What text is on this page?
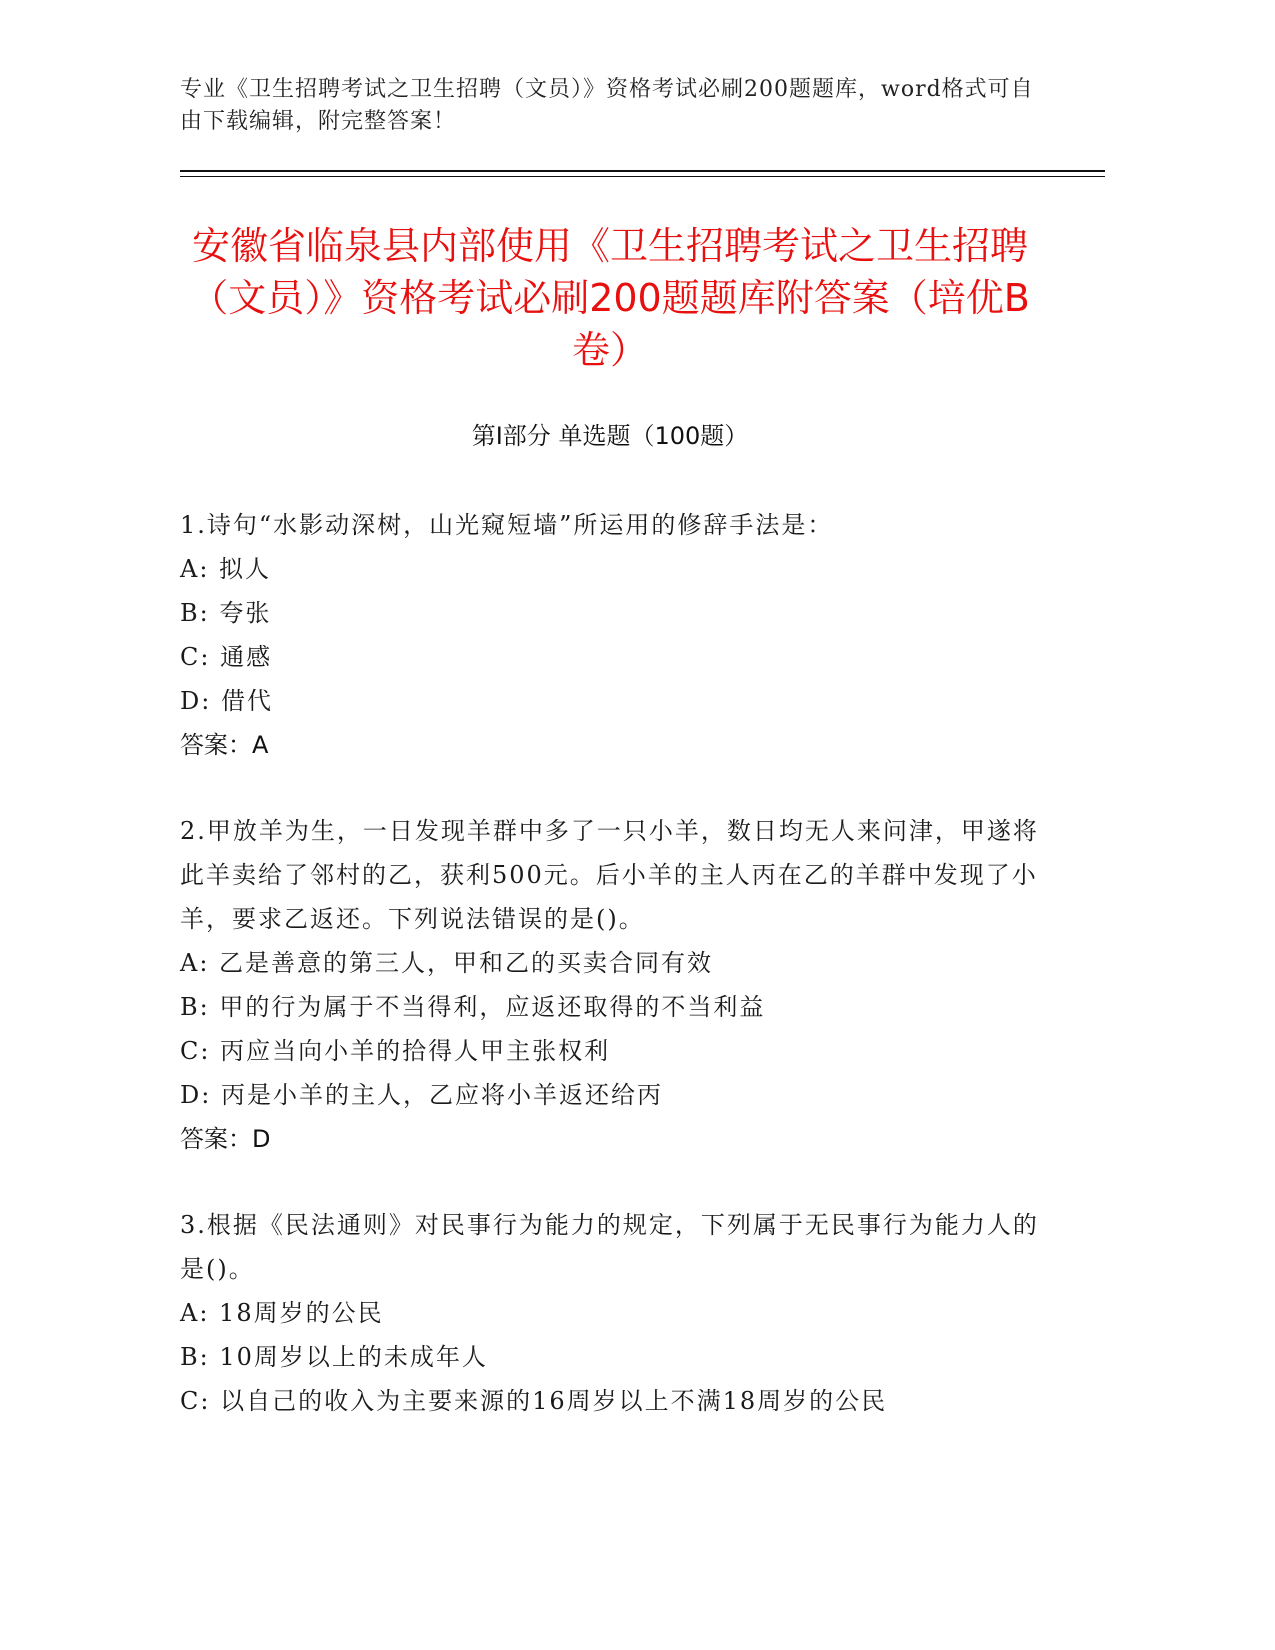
专业《卫生招聘考试之卫生招聘（文员）》资格考试必刷200题题库，word格式可自由下载编辑，附完整答案！
安徽省临泉县内部使用《卫生招聘考试之卫生招聘（文员）》资格考试必刷200题题库附答案（培优B卷）
第I部分 单选题（100题）
1.诗句“水影动深树，山光窥短墙”所运用的修辞手法是：
A: 拟人
B: 夸张
C: 通感
D: 借代
答案：A
2.甲放羊为生，一日发现羊群中多了一只小羊，数日均无人来问津，甲遂将此羊卖给了邻村的乙，获利500元。后小羊的主人丙在乙的羊群中发现了小羊，要求乙返还。下列说法错误的是()。
A: 乙是善意的第三人，甲和乙的买卖合同有效
B: 甲的行为属于不当得利，应返还取得的不当利益
C: 丙应当向小羊的拾得人甲主张权利
D: 丙是小羊的主人，乙应将小羊返还给丙
答案：D
3.根据《民法通则》对民事行为能力的规定，下列属于无民事行为能力人的是()。
A: 18周岁的公民
B: 10周岁以上的未成年人
C: 以自己的收入为主要来源的16周岁以上不满18周岁的公民
